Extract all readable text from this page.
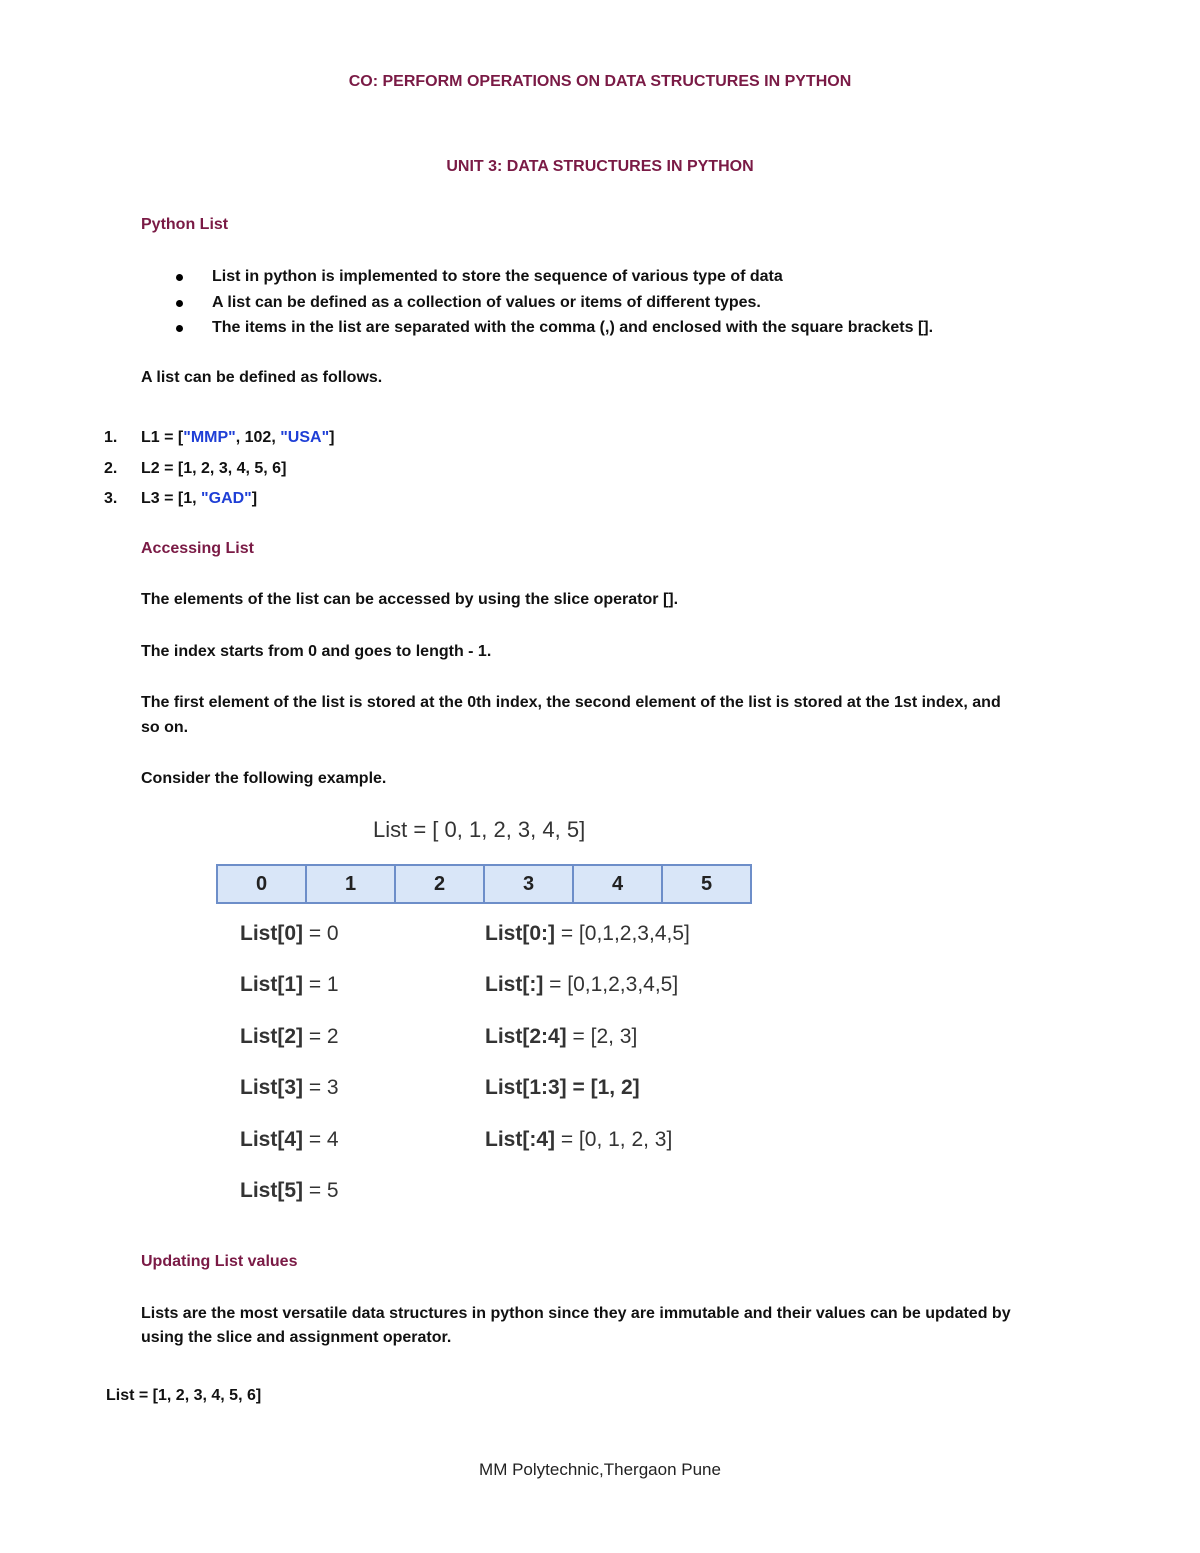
CO: PERFORM OPERATIONS ON DATA STRUCTURES IN PYTHON
UNIT 3: DATA STRUCTURES IN PYTHON
Python List
List in python is implemented to store the sequence of various type of data
A list can be defined as a collection of values or items of different types.
The items in the list are separated with the comma (,) and enclosed with the square brackets [].
A list can be defined as follows.
1. L1 = ["MMP", 102, "USA"]
2. L2 = [1, 2, 3, 4, 5, 6]
3. L3 = [1, "GAD"]
Accessing List
The elements of the list can be accessed by using the slice operator [].
The index starts from 0 and goes to length - 1.
The first element of the list is stored at the 0th index, the second element of the list is stored at the 1st index, and
so on.
Consider the following example.
List = [ 0, 1, 2, 3, 4, 5]
0	1	2	3	4	5
List[0] = 0
List[1] = 1
List[2] = 2
List[3] = 3
List[4] = 4
List[5] = 5
List[0:] = [0,1,2,3,4,5]
List[:] = [0,1,2,3,4,5]
List[2:4] = [2, 3]
List[1:3] = [1, 2]
List[:4] = [0, 1, 2, 3]
Updating List values
Lists are the most versatile data structures in python since they are immutable and their values can be updated by
using the slice and assignment operator.
List = [1, 2, 3, 4, 5, 6]
MM Polytechnic,Thergaon Pune
